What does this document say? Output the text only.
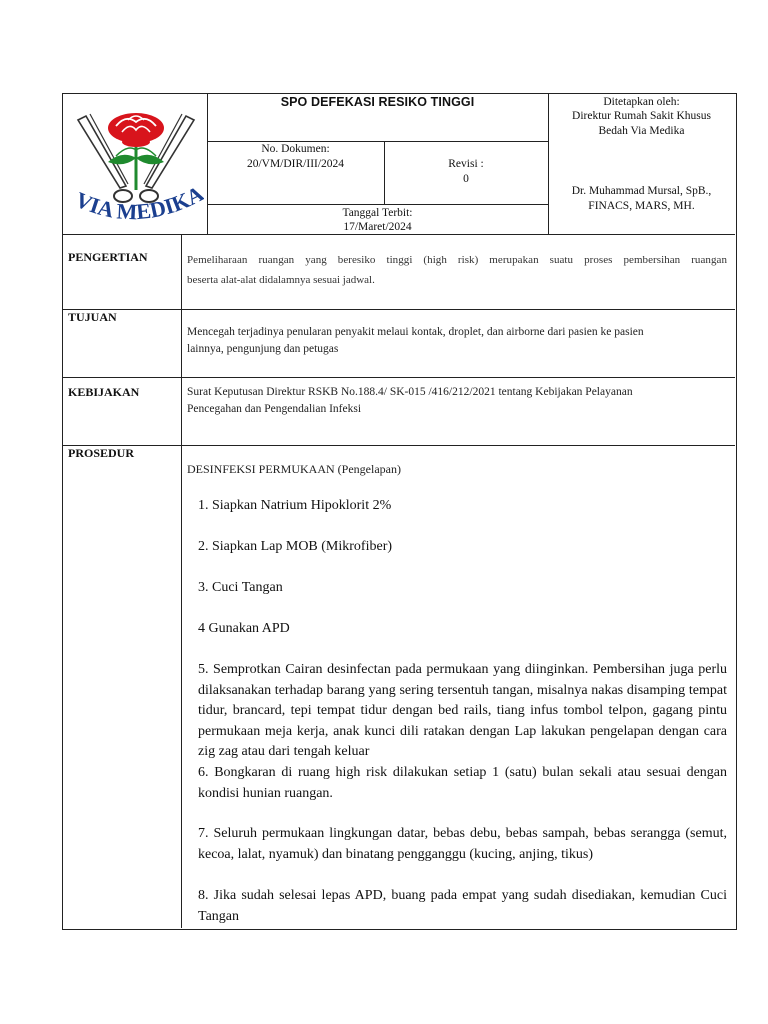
VIA MEDIK
SPO DEFEKASI RESIKO TINGGI
No. Dokumen:
20/VM/DIR/III/2024	Revisi :
0
Tanggal Terbit:
17/Maret/2024
Ditetapkan oleh:
Direktur Rumah Sakit Khusus
Bedah Via Medika
Dr. Muhammad Mursal, SpB.,
FINACS, MARS, MH.
PENGERTIAN
TUJUAN
KEBIJAKAN
PROSEDUR
Pemeliharaan ruangan yang beresiko tinggi (high risk) merupakan suatu proses pembersihan ruangan
beserta alat-alat didalamnya sesuai jadwal.
Mencegah terjadinya penularan penyakit melaui kontak, droplet, dan airborne dari pasien ke pasien
lainnya, pengunjung dan petugas
Surat Keputusan Direktur RSKB No.188.4/ SK-015 /416/212/2021 tentang Kebijakan Pelayanan
Pencegahan dan Pengendalian Infeksi
DESINFEKSI PERMUKAAN (Pengelapan)
1. Siapkan Natrium Hipoklorit 2%
2. Siapkan Lap MOB (Mikrofiber)
3. Cuci Tangan
4 Gunakan APD
5. Semprotkan Cairan desinfectan pada permukaan yang diinginkan. Pembersihan juga perlu dilaksanakan terhadap barang yang sering tersentuh tangan, misalnya nakas disamping tempat tidur, brancard, tepi tempat tidur dengan bed rails, tiang infus tombol telpon, gagang pintu permukaan meja kerja, anak kunci dili ratakan dengan Lap lakukan pengelapan dengan cara zig zag atau dari tengah keluar
6. Bongkaran di ruang high risk dilakukan setiap 1 (satu) bulan sekali atau sesuai dengan kondisi hunian ruangan.
7. Seluruh permukaan lingkungan datar, bebas debu, bebas sampah, bebas serangga (semut, kecoa, lalat, nyamuk) dan binatang pengganggu (kucing, anjing, tikus)
8. Jika sudah selesai lepas APD, buang pada empat yang sudah disediakan, kemudian Cuci Tangan
